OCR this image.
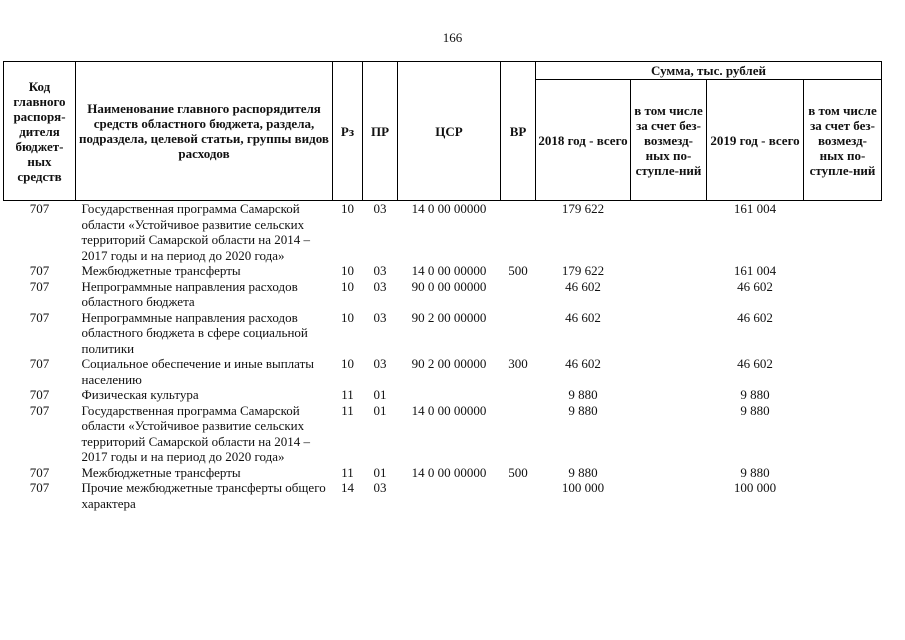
166
Код главного распоря-дителя бюджет-ных средств	Наименование главного распорядителя средств областного бюджета, раздела, подраздела, целевой статьи, группы видов расходов	Рз	ПР	ЦСР	ВР	Сумма, тыс. рублей			
						2018 год - всего	в том числе за счет без-возмезд-ных по-ступле-ний	2019 год - всего	в том числе за счет без-возмезд-ных по-ступле-ний
707	Государственная программа Самарской области «Устойчивое развитие сельских территорий Самарской области на 2014 – 2017 годы и на период до 2020 года»	10	03	14 0 00 00000		179 622		161 004	
707	Межбюджетные трансферты	10	03	14 0 00 00000	500	179 622		161 004	
707	Непрограммные направления расходов областного бюджета	10	03	90 0 00 00000		46 602		46 602	
707	Непрограммные направления расходов областного бюджета в сфере социальной политики	10	03	90 2 00 00000		46 602		46 602	
707	Социальное обеспечение и иные выплаты населению	10	03	90 2 00 00000	300	46 602		46 602	
707	Физическая культура	11	01			9 880		9 880	
707	Государственная программа Самарской области «Устойчивое развитие сельских территорий Самарской области на 2014 – 2017 годы и на период до 2020 года»	11	01	14 0 00 00000		9 880		9 880	
707	Межбюджетные трансферты	11	01	14 0 00 00000	500	9 880		9 880	
707	Прочие межбюджетные трансферты общего характера	14	03			100 000		100 000	
